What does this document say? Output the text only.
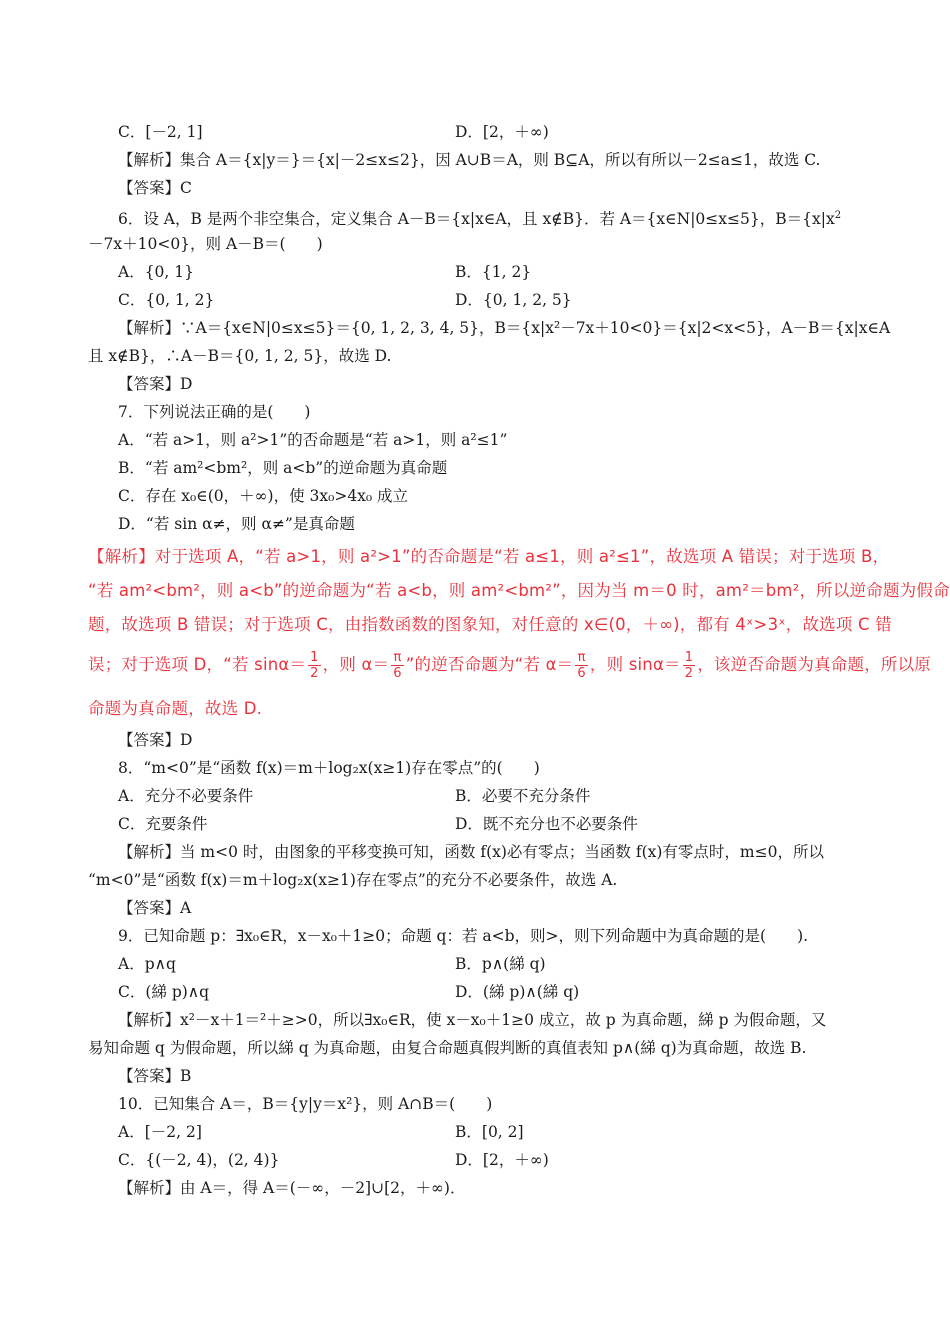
C．[－2, 1]	D．[2，＋∞)
【解析】集合 A＝{x|y＝}＝{x|－2≤x≤2}，因 A∪B＝A，则 B⊆A，所以有所以－2≤a≤1，故选 C.
【答案】C
6．设 A，B 是两个非空集合，定义集合 A－B＝{x|x∈A，且 x∉B}．若 A＝{x∈N|0≤x≤5}，$B=\{x|x^2$
－7x＋10<0}，则 A－B＝(　　)
A．{0, 1}	B．{1, 2}
C．{0, 1, 2}	D．{0, 1, 2, 5}
【解析】∵A＝{x∈N|0≤x≤5}＝{0, 1, 2, 3, 4, 5}，B＝{x|x²－7x＋10<0}＝{x|2<x<5}，A－B＝{x|x∈A
且 x∉B}，∴A－B＝{0, 1, 2, 5}，故选 D.
【答案】D
7．下列说法正确的是(　　)
A．“若 a>1，则 a²>1”的否命题是“若 a>1，则 a²≤1”
B．“若 am²<bm²，则 a<b”的逆命题为真命题
C．存在 x₀∈(0，＋∞)，使 3x₀>4x₀ 成立
D．“若 sin α≠，则 α≠”是真命题
【解析】对于选项 A，“若 a>1，则 a²>1”的否命题是“若 a≤1，则 a²≤1”，故选项 A 错误；对于选项 B，
“若 am²<bm²，则 a<b”的逆命题为“若 a<b，则 am²<bm²”，因为当 m＝0 时，am²＝bm²，所以逆命题为假命
题，故选项 B 错误；对于选项 C，由指数函数的图象知，对任意的 x∈(0，＋∞)，都有 4ˣ>3ˣ，故选项 C 错
误；对于选项 D，“若 $\sin\alpha= \frac{1}{2}$ ，则 $\alpha= \frac{\pi}{6}$ ”的逆否命题为“若 $\alpha= \frac{\pi}{6}$ ，则 $\sin\alpha= \frac{1}{2}$ ，该逆否命题为真命题，所以原
命题为真命题，故选 D.
【答案】D
8．“m<0”是“函数 f(x)＝m＋log₂x(x≥1)存在零点”的(　　)
A．充分不必要条件	B．必要不充分条件
C．充要条件	D．既不充分也不必要条件
【解析】当 m<0 时，由图象的平移变换可知，函数 f(x)必有零点；当函数 f(x)有零点时，m≤0，所以
“m<0”是“函数 f(x)＝m＋log₂x(x≥1)存在零点”的充分不必要条件，故选 A.
【答案】A
9．已知命题 p：∃x₀∈R，x－x₀＋1≥0；命题 q：若 a<b，则>，则下列命题中为真命题的是(　　).
A．p∧q	B．p∧(綈 q)
C．(綈 p)∧q	D．(綈 p)∧(綈 q)
【解析】x²－x＋1＝²＋≥>0，所以∃x₀∈R，使 x－x₀＋1≥0 成立，故 p 为真命题，綈 p 为假命题，又
易知命题 q 为假命题，所以綈 q 为真命题，由复合命题真假判断的真值表知 p∧(綈 q)为真命题，故选 B.
【答案】B
10．已知集合 A＝，B＝{y|y＝x²}，则 A∩B＝(　　)
A．[－2, 2]	B．[0, 2]
C．{(－2, 4)，(2, 4)}	D．[2，＋∞)
【解析】由 A＝，得 A＝(－∞，－2]∪[2，＋∞)．
